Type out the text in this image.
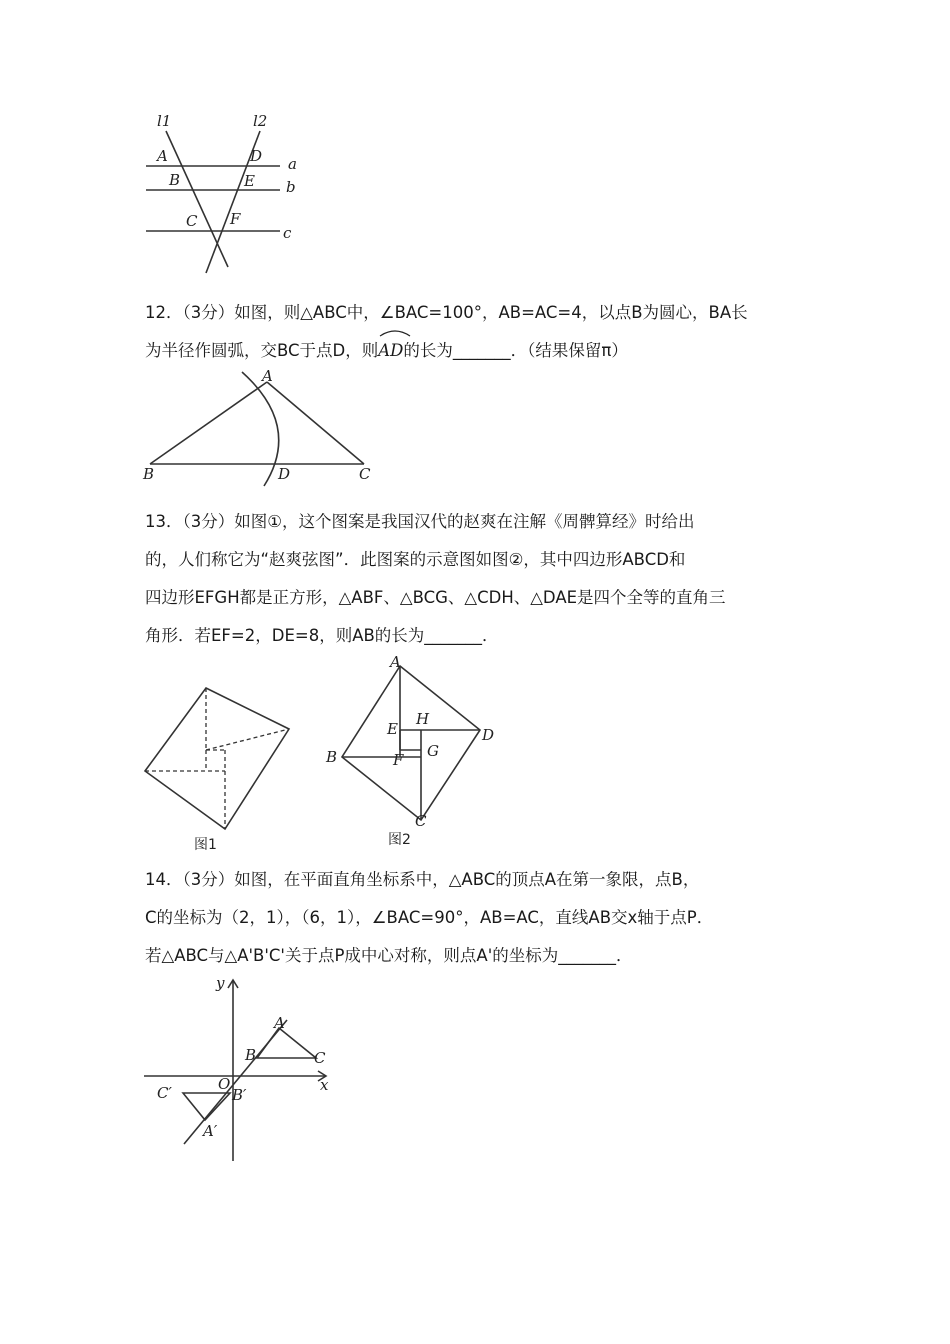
l1	l2
A	D a
B	E b
C F
c

12．（3分）如图，则△ABC中，∠BAC=100°，AB=AC=4，以点B为圆心，BA长
为半径作圆弧，交BC于点D，则
AD的长为_______．（结果保留π）

A
B	D	C

13．（3分）如图①，这个图案是我国汉代的赵爽在注解《周髀算经》时给出
的，人们称它为“赵爽弦图”．此图案的示意图如图②，其中四边形ABCD和
四边形EFGH都是正方形，△ABF、△BCG、△CDH、△DAE是四个全等的直角三
角形．若EF=2，DE=8，则AB的长为_______．

图1
A
H
E	D
G
B	F
C
图2

14．（3分）如图，在平面直角坐标系中，△ABC的顶点A在第一象限，点B，
C的坐标为（2，1），（6，1），∠BAC=90°，AB=AC，直线AB交x轴于点P．
若△ABC与△A'B'C'关于点P成中心对称，则点A'的坐标为_______．

y
x
A
B	C
O
B′
C′
A′
